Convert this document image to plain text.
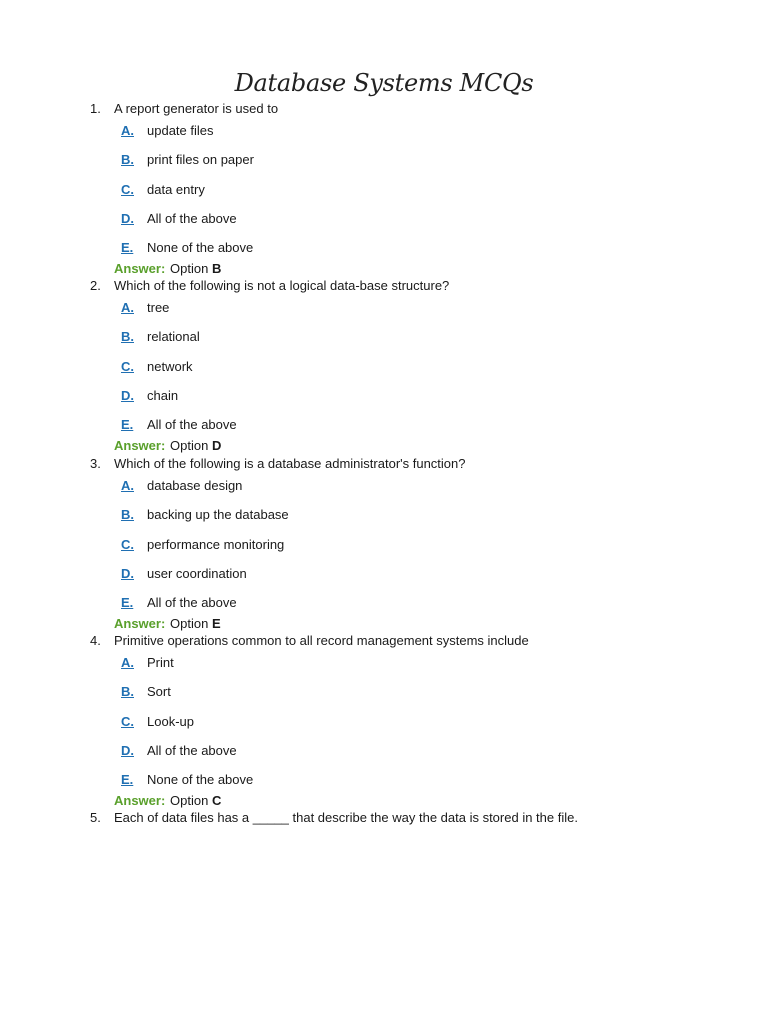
Database Systems MCQs
1. A report generator is used to
A. update files
B. print files on paper
C. data entry
D. All of the above
E. None of the above
Answer: Option B
2. Which of the following is not a logical data-base structure?
A. tree
B. relational
C. network
D. chain
E. All of the above
Answer: Option D
3. Which of the following is a database administrator's function?
A. database design
B. backing up the database
C. performance monitoring
D. user coordination
E. All of the above
Answer: Option E
4. Primitive operations common to all record management systems include
A. Print
B. Sort
C. Look-up
D. All of the above
E. None of the above
Answer: Option C
5. Each of data files has a _____ that describe the way the data is stored in the file.
